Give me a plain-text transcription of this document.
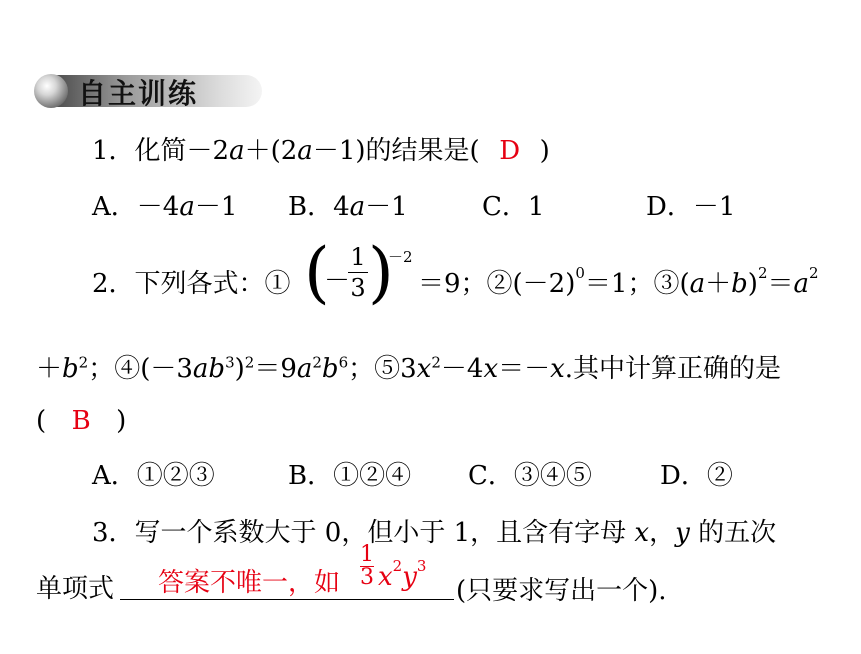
自主训练
1．化简－2a＋(2a－1)的结果是( D )
A．－4a－1 B．4a－1	C．1	D．－1
2．下列各式：① (
－
1
3 )
－2
＝9；$②(-2)^0=1$；$③(a+b)^2=a^2$
$+b^2$；$④(-3ab^3)^2=9a^2b^6$；$⑤3x^2-4x=-x$.其中计算正确的是
( B )
A．①②③	B．①②④ C．③④⑤	D．②
3．写一个系数大于 0，但小于 1，且含有字母 x，y 的五次
单项式 答案不唯一，如
1
3 $x^2y^3$
(只要求写出一个).
